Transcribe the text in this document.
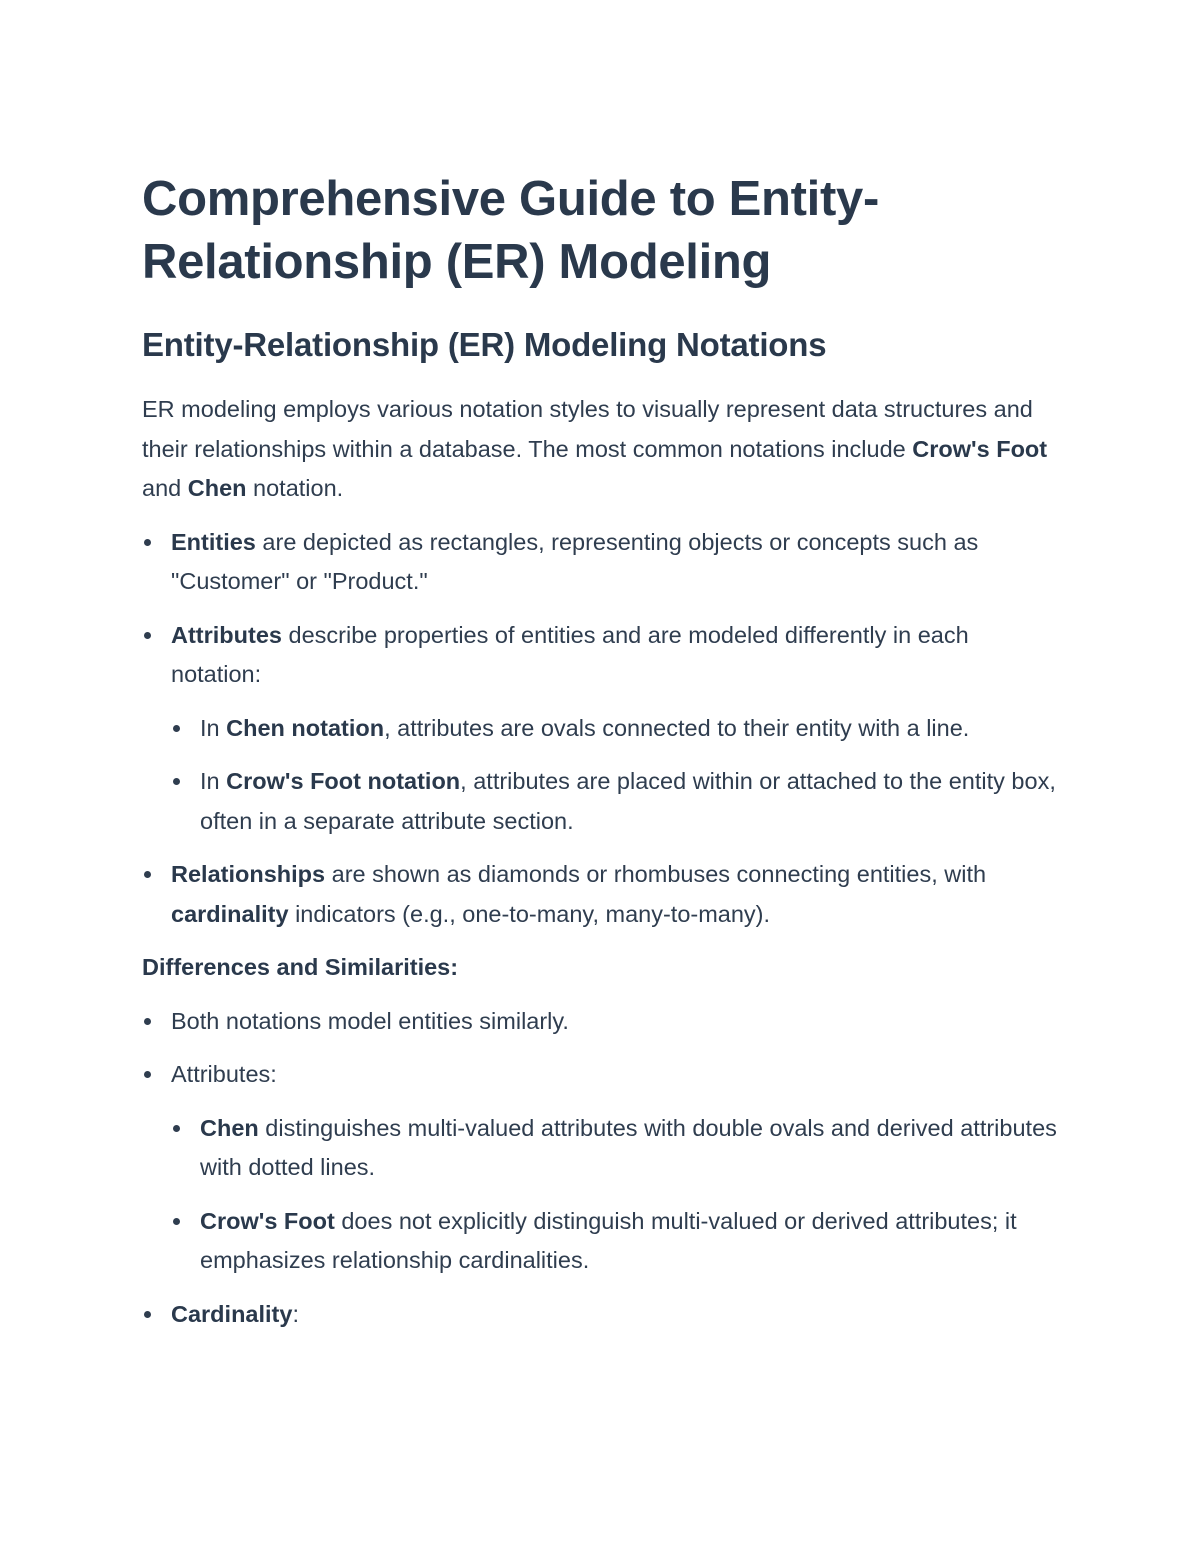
Comprehensive Guide to Entity-Relationship (ER) Modeling
Entity-Relationship (ER) Modeling Notations

ER modeling employs various notation styles to visually represent data structures and their relationships within a database. The most common notations include Crow's Foot and Chen notation.

Entities are depicted as rectangles, representing objects or concepts such as "Customer" or "Product."
Attributes describe properties of entities and are modeled differently in each notation:
In Chen notation, attributes are ovals connected to their entity with a line.
In Crow's Foot notation, attributes are placed within or attached to the entity box, often in a separate attribute section.
Relationships are shown as diamonds or rhombuses connecting entities, with cardinality indicators (e.g., one-to-many, many-to-many).
Differences and Similarities:
Both notations model entities similarly.
Attributes:
Chen distinguishes multi-valued attributes with double ovals and derived attributes with dotted lines.
Crow's Foot does not explicitly distinguish multi-valued or derived attributes; it emphasizes relationship cardinalities.
Cardinality:
